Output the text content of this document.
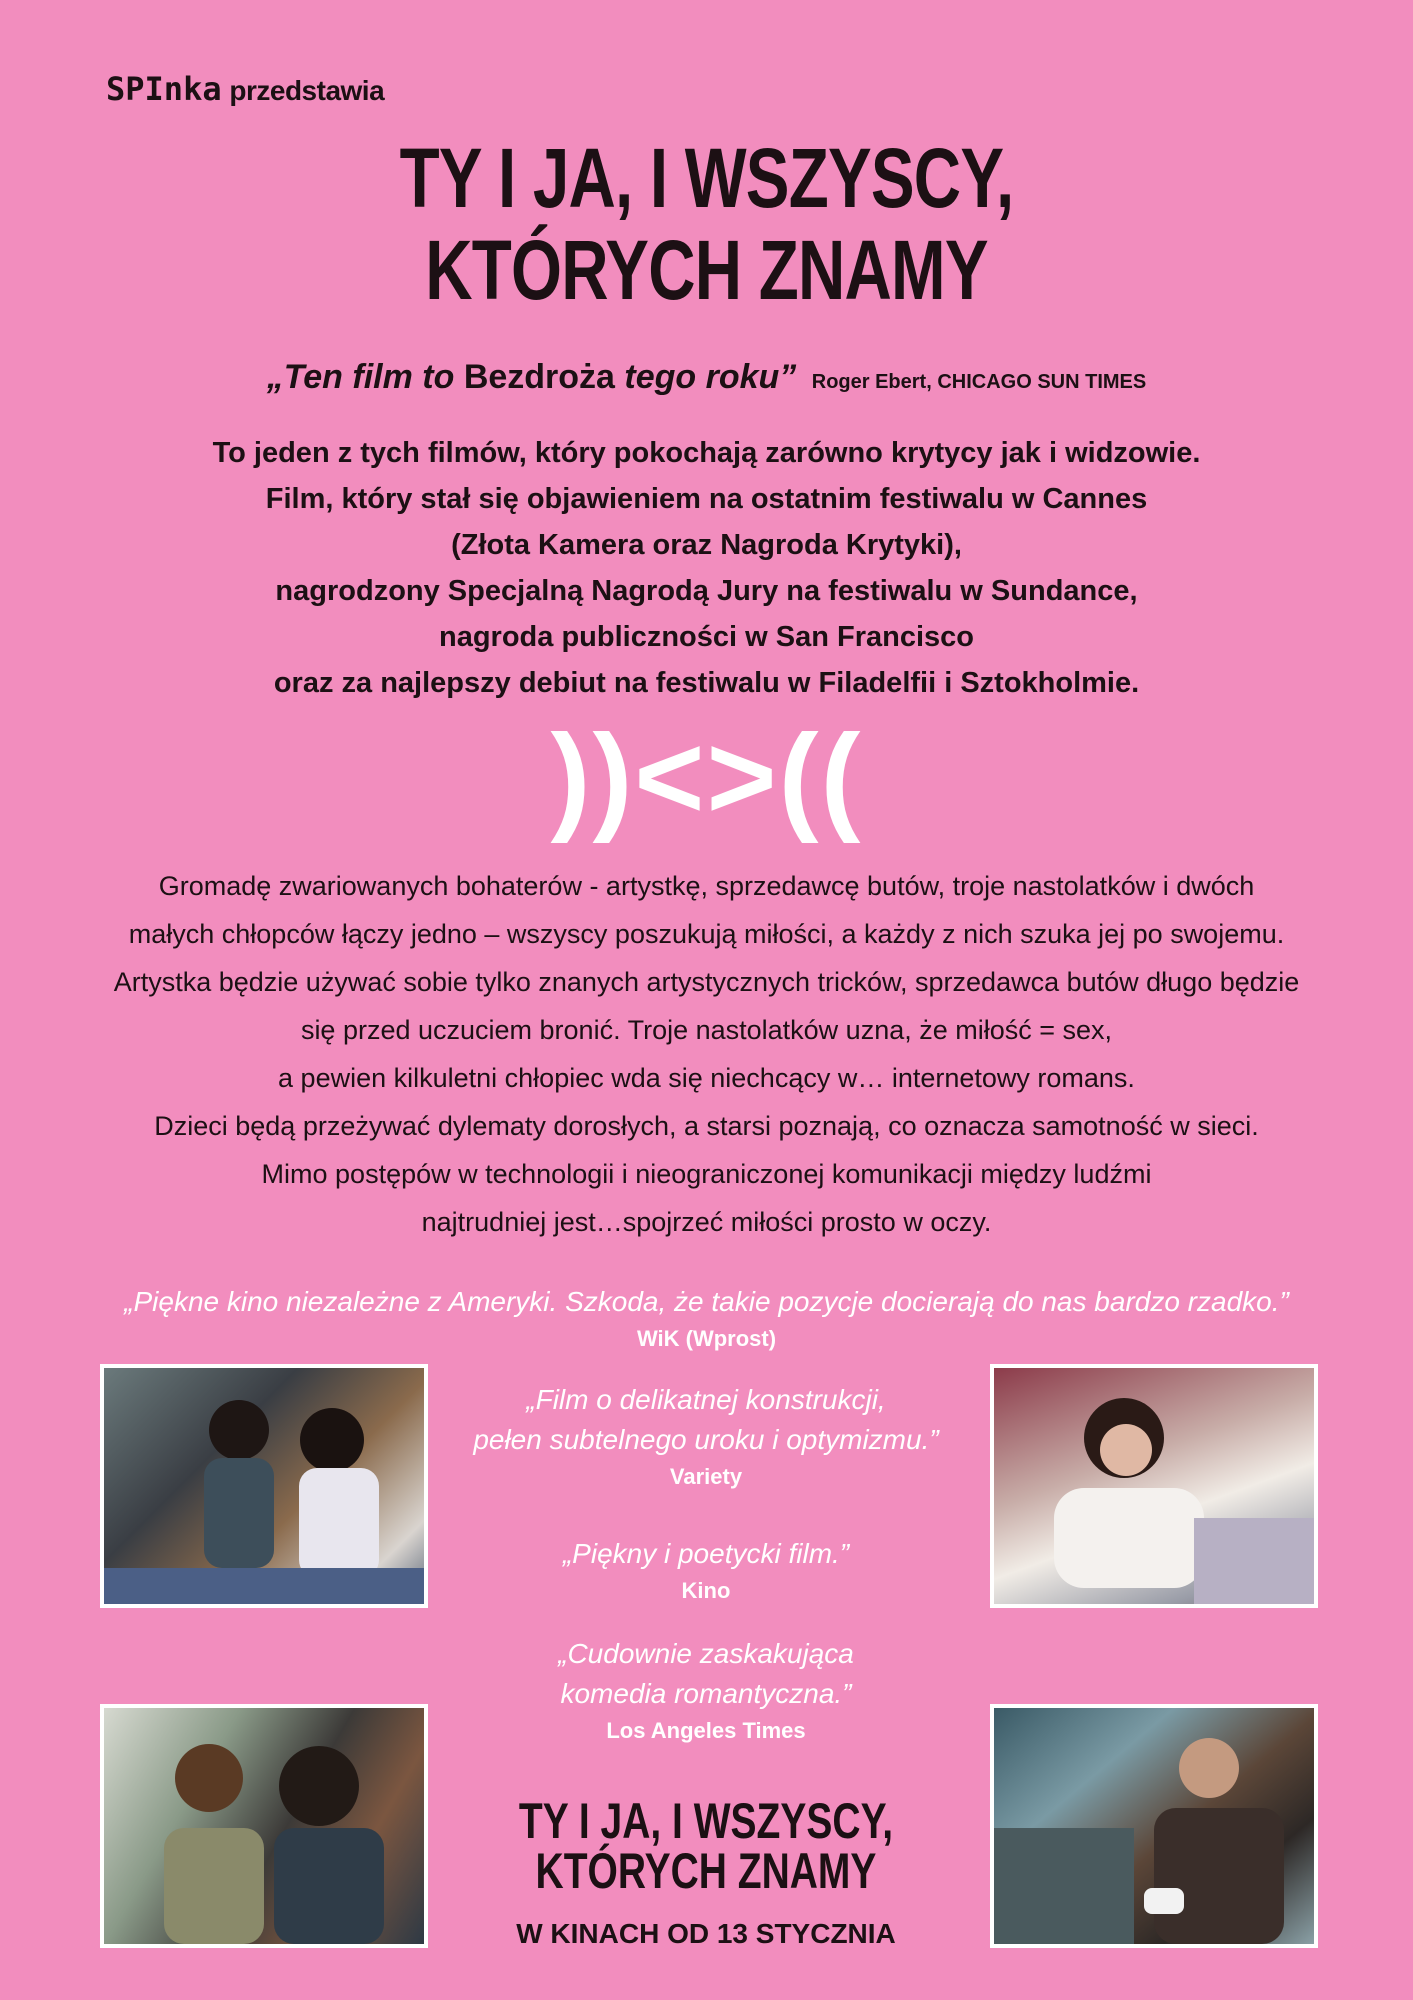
SPInka przedstawia
TY I JA, I WSZYSCY,
KTÓRYCH ZNAMY
„Ten film to Bezdroża tego roku” Roger Ebert, CHICAGO SUN TIMES
To jeden z tych filmów, który pokochają zarówno krytycy jak i widzowie.
Film, który stał się objawieniem na ostatnim festiwalu w Cannes
(Złota Kamera oraz Nagroda Krytyki),
nagrodzony Specjalną Nagrodą Jury na festiwalu w Sundance,
nagroda publiczności w San Francisco
oraz za najlepszy debiut na festiwalu w Filadelfii i Sztokholmie.
))<>((
Gromadę zwariowanych bohaterów - artystkę, sprzedawcę butów, troje nastolatków i dwóch
małych chłopców łączy jedno – wszyscy poszukują miłości, a każdy z nich szuka jej po swojemu.
Artystka będzie używać sobie tylko znanych artystycznych tricków, sprzedawca butów długo będzie
się przed uczuciem bronić. Troje nastolatków uzna, że miłość = sex,
a pewien kilkuletni chłopiec wda się niechcący w… internetowy romans.
Dzieci będą przeżywać dylematy dorosłych, a starsi poznają, co oznacza samotność w sieci.
Mimo postępów w technologii i nieograniczonej komunikacji między ludźmi
najtrudniej jest…spojrzeć miłości prosto w oczy.
„Piękne kino niezależne z Ameryki. Szkoda, że takie pozycje docierają do nas bardzo rzadko.”
WiK (Wprost)
„Film o delikatnej konstrukcji,
pełen subtelnego uroku i optymizmu.”
Variety
„Piękny i poetycki film.”
Kino
„Cudownie zaskakująca
komedia romantyczna.”
Los Angeles Times
TY I JA, I WSZYSCY,
KTÓRYCH ZNAMY
W KINACH OD 13 STYCZNIA
